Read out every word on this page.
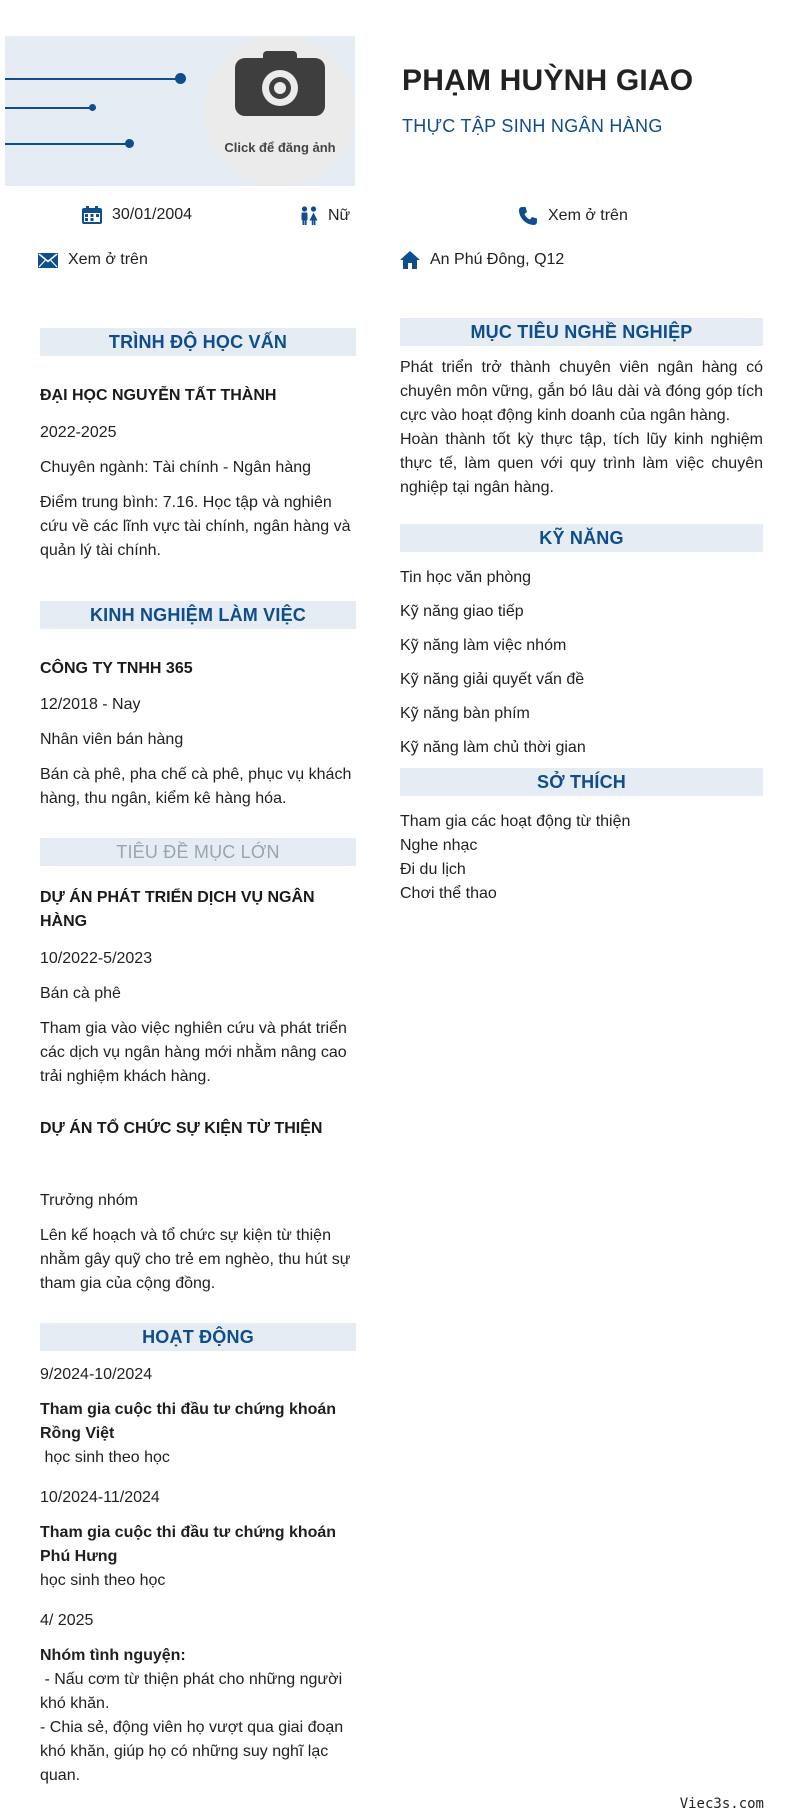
Click để đăng ảnh
PHẠM HUỲNH GIAO
THỰC TẬP SINH NGÂN HÀNG
30/01/2004	Nữ	Xem ở trên
Xem ở trên	An Phú Đông, Q12
TRÌNH ĐỘ HỌC VẤN
ĐẠI HỌC NGUYỄN TẤT THÀNH
2022-2025
Chuyên ngành: Tài chính - Ngân hàng
Điểm trung bình: 7.16. Học tập và nghiên cứu về các lĩnh vực tài chính, ngân hàng và quản lý tài chính.
KINH NGHIỆM LÀM VIỆC
CÔNG TY TNHH 365
12/2018 - Nay
Nhân viên bán hàng
Bán cà phê, pha chế cà phê, phục vụ khách hàng, thu ngân, kiểm kê hàng hóa.
TIÊU ĐỀ MỤC LỚN
DỰ ÁN PHÁT TRIỂN DỊCH VỤ NGÂN HÀNG
10/2022-5/2023
Bán cà phê
Tham gia vào việc nghiên cứu và phát triển các dịch vụ ngân hàng mới nhằm nâng cao trải nghiệm khách hàng.
DỰ ÁN TỔ CHỨC SỰ KIỆN TỪ THIỆN
Trưởng nhóm
Lên kế hoạch và tổ chức sự kiện từ thiện nhằm gây quỹ cho trẻ em nghèo, thu hút sự tham gia của cộng đồng.
HOẠT ĐỘNG
9/2024-10/2024
Tham gia cuộc thi đầu tư chứng khoán Rồng Việt
học sinh theo học
10/2024-11/2024
Tham gia cuộc thi đầu tư chứng khoán Phú Hưng
học sinh theo học
4/ 2025
Nhóm tình nguyện:
- Nấu cơm từ thiện phát cho những người khó khăn.
- Chia sẻ, động viên họ vượt qua giai đoạn khó khăn, giúp họ có những suy nghĩ lạc quan.
MỤC TIÊU NGHỀ NGHIỆP
Phát triển trở thành chuyên viên ngân hàng có chuyên môn vững, gắn bó lâu dài và đóng góp tích cực vào hoạt động kinh doanh của ngân hàng.
Hoàn thành tốt kỳ thực tập, tích lũy kinh nghiệm thực tế, làm quen với quy trình làm việc chuyên nghiệp tại ngân hàng.
KỸ NĂNG
Tin học văn phòng
Kỹ năng giao tiếp
Kỹ năng làm việc nhóm
Kỹ năng giải quyết vấn đề
Kỹ năng bàn phím
Kỹ năng làm chủ thời gian
SỞ THÍCH
Tham gia các hoạt động từ thiện
Nghe nhạc
Đi du lịch
Chơi thể thao
Viec3s.com
